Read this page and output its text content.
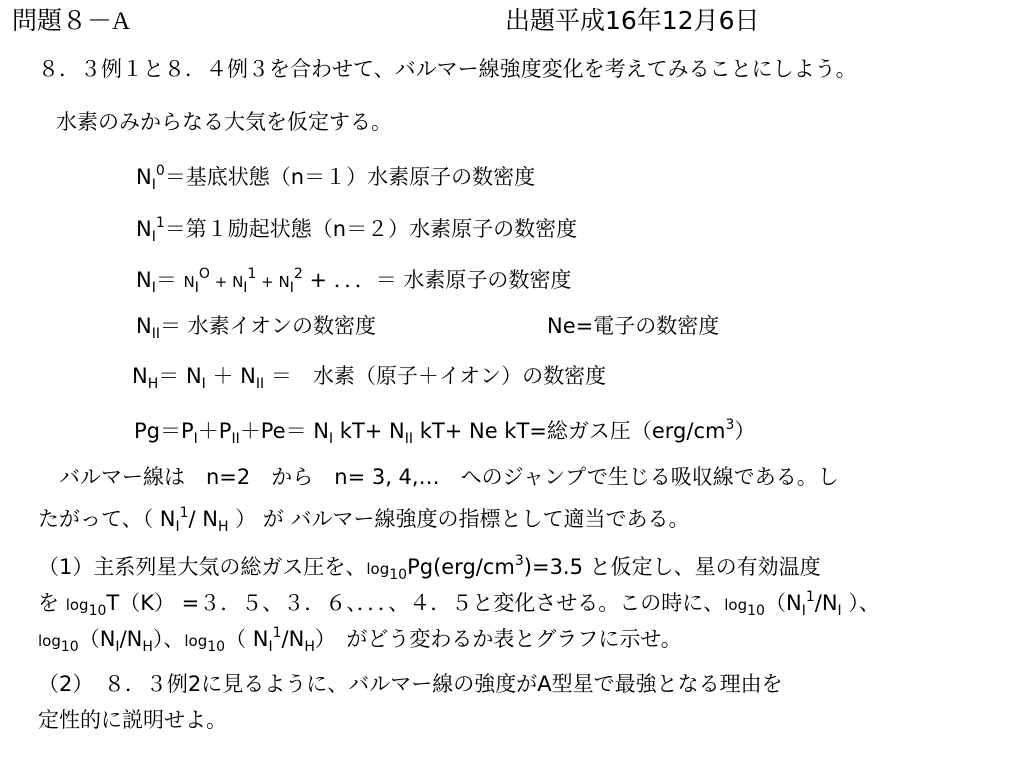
問題８－A	出題平成16年12月6日
８．３例１と８．４例３を合わせて、バルマー線強度変化を考えてみることにしよう。
水素のみからなる大気を仮定する。
$N_I^0=$基底状態（n＝１）水素原子の数密度
$N_I^1=$第１励起状態（n＝２）水素原子の数密度
$N_I= N_I^O + N_I^1 + N_I^2$ + ．．．＝ 水素原子の数密度
$N_{II}=$ 水素イオンの数密度	Ne=電子の数密度
$N_H= N_I + N_{II}$ ＝　水素（原子＋イオン）の数密度
$Pg=P_I+P_{II}+Pe= N_I$ $kT+ N_{II}$ kT+ Ne kT=総ガス圧$(erg/cm^3)$
　バルマー線は　n=2　から　n= 3, 4,…　へのジャンプで生じる吸収線である。し
たがって、（ $N_I^1/$ $N_H$ ） が バルマー線強度の指標として適当である。
（1）主系列星大気の総ガス圧を、$\log_{10}Pg(erg/cm^3)=3.5$ と仮定し、星の有効温度
を $\log_{10}T(K) =3$．５、３．６、．．．、４．５と変化させる。この時に、$\log_{10}(N_I^1/N_I$ ）、
$\log_{10}(N_I/N_H)$、$\log_{10}$（ $N_I^1/N_H$）　がどう変わるか表とグラフに示せ。
（2）　８．３例2に見るように、バルマー線の強度がA型星で最強となる理由を
定性的に説明せよ。
